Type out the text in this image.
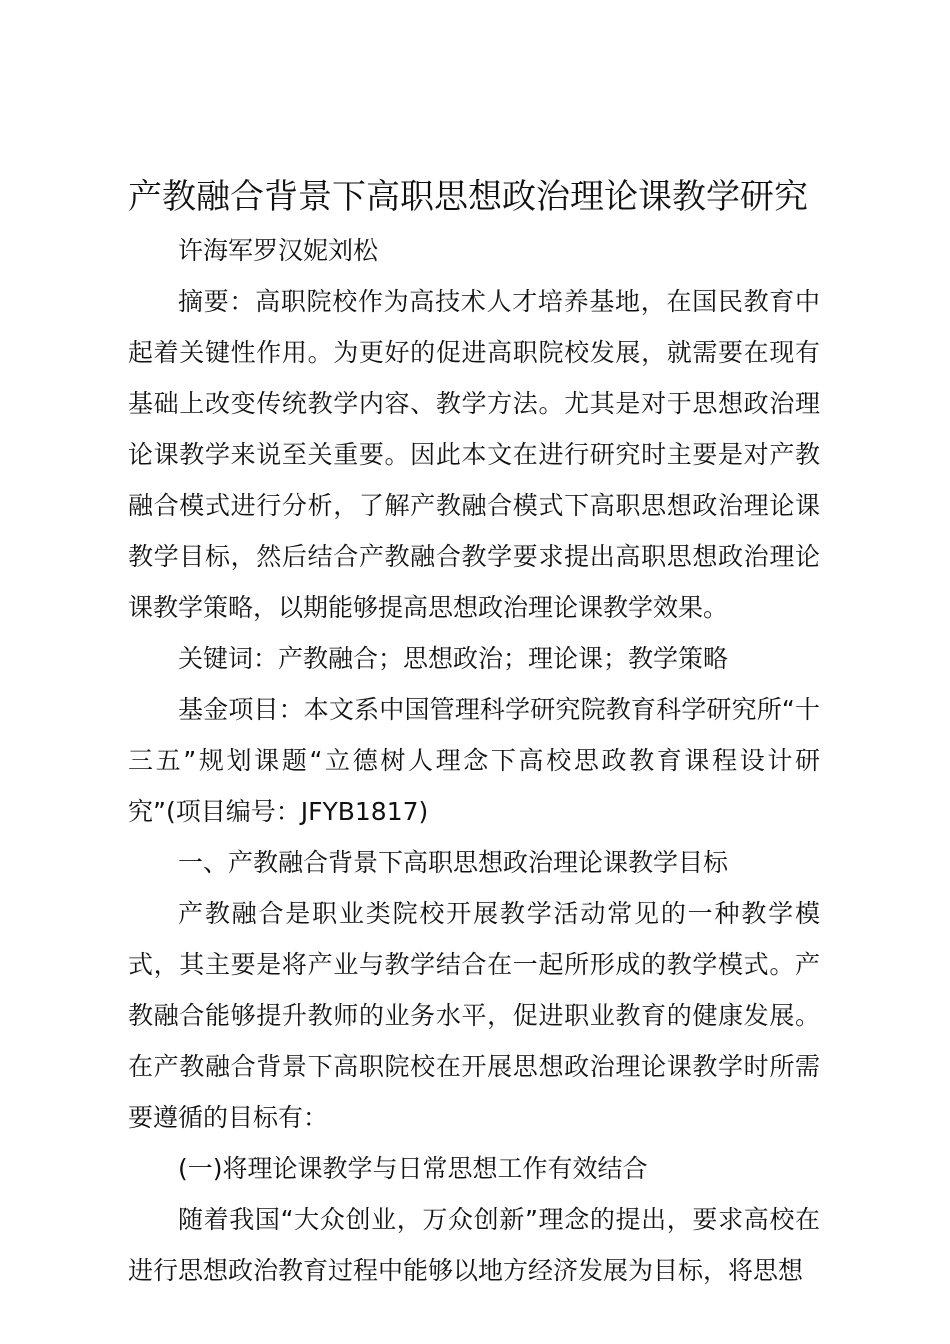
产教融合背景下高职思想政治理论课教学研究

许海军罗汉妮刘松

摘要：高职院校作为高技术人才培养基地，在国民教育中起着关键性作用。为更好的促进高职院校发展，就需要在现有基础上改变传统教学内容、教学方法。尤其是对于思想政治理论课教学来说至关重要。因此本文在进行研究时主要是对产教融合模式进行分析，了解产教融合模式下高职思想政治理论课教学目标，然后结合产教融合教学要求提出高职思想政治理论课教学策略，以期能够提高思想政治理论课教学效果。

关键词：产教融合；思想政治；理论课；教学策略

基金项目：本文系中国管理科学研究院教育科学研究所“十三五”规划课题“立德树人理念下高校思政教育课程设计研究”(项目编号：JFYB1817)

一、产教融合背景下高职思想政治理论课教学目标

产教融合是职业类院校开展教学活动常见的一种教学模式，其主要是将产业与教学结合在一起所形成的教学模式。产教融合能够提升教师的业务水平，促进职业教育的健康发展。在产教融合背景下高职院校在开展思想政治理论课教学时所需要遵循的目标有：

(一)将理论课教学与日常思想工作有效结合

随着我国“大众创业，万众创新”理念的提出，要求高校在进行思想政治教育过程中能够以地方经济发展为目标，将思想
